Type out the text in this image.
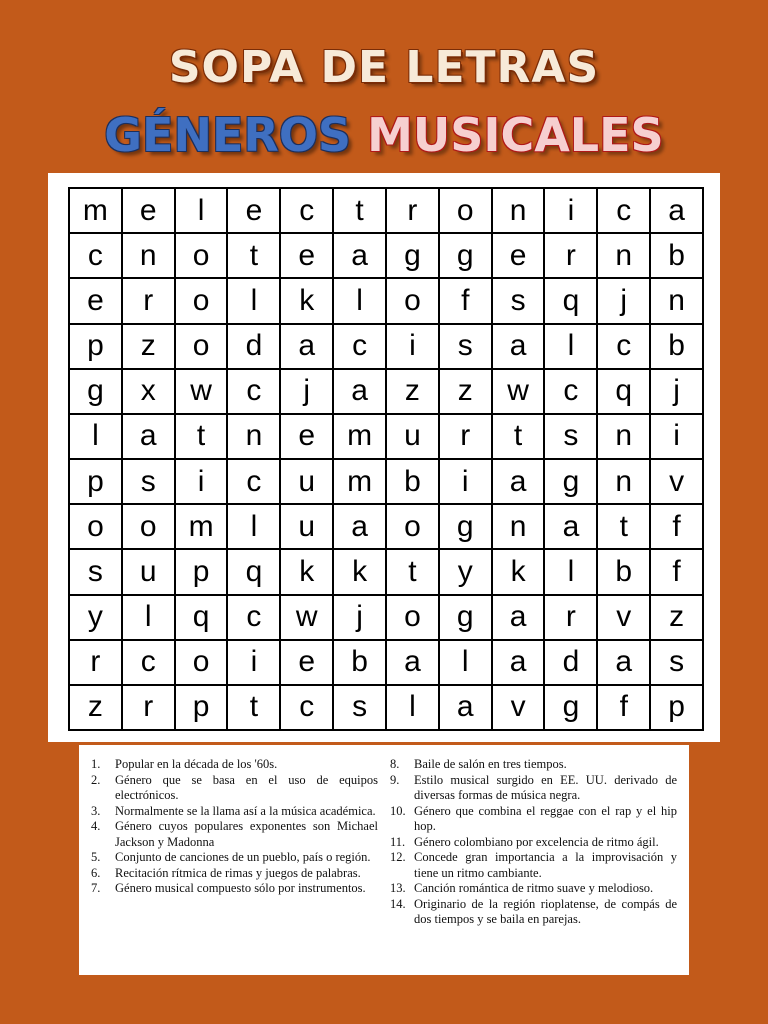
SOPA DE LETRAS
GÉNEROS MUSICALES
m	e	l	e	c	t	r	o	n	i	c	a
c	n	o	t	e	a	g	g	e	r	n	b
e	r	o	l	k	l	o	f	s	q	j	n
p	z	o	d	a	c	i	s	a	l	c	b
g	x	w	c	j	a	z	z	w	c	q	j
l	a	t	n	e	m	u	r	t	s	n	i
p	s	i	c	u	m	b	i	a	g	n	v
o	o	m	l	u	a	o	g	n	a	t	f
s	u	p	q	k	k	t	y	k	l	b	f
y	l	q	c	w	j	o	g	a	r	v	z
r	c	o	i	e	b	a	l	a	d	a	s
z	r	p	t	c	s	l	a	v	g	f	p
1.	Popular en la década de los '60s.
2.	Género que se basa en el uso de equipos electrónicos.
3.	Normalmente se la llama así a la música académica.
4.	Género cuyos populares exponentes son Michael Jackson y Madonna
5.	Conjunto de canciones de un pueblo, país o región.
6.	Recitación rítmica de rimas y juegos de palabras.
7.	Género musical compuesto sólo por instrumentos.
8.	Baile de salón en tres tiempos.
9.	Estilo musical surgido en EE. UU. derivado de diversas formas de música negra.
10. Género que combina el reggae con el rap y el hip hop.
11. Género colombiano por excelencia de ritmo ágil.
12. Concede gran importancia a la improvisación y tiene un ritmo cambiante.
13. Canción romántica de ritmo suave y melodioso.
14. Originario de la región rioplatense, de compás de dos tiempos y se baila en parejas.
